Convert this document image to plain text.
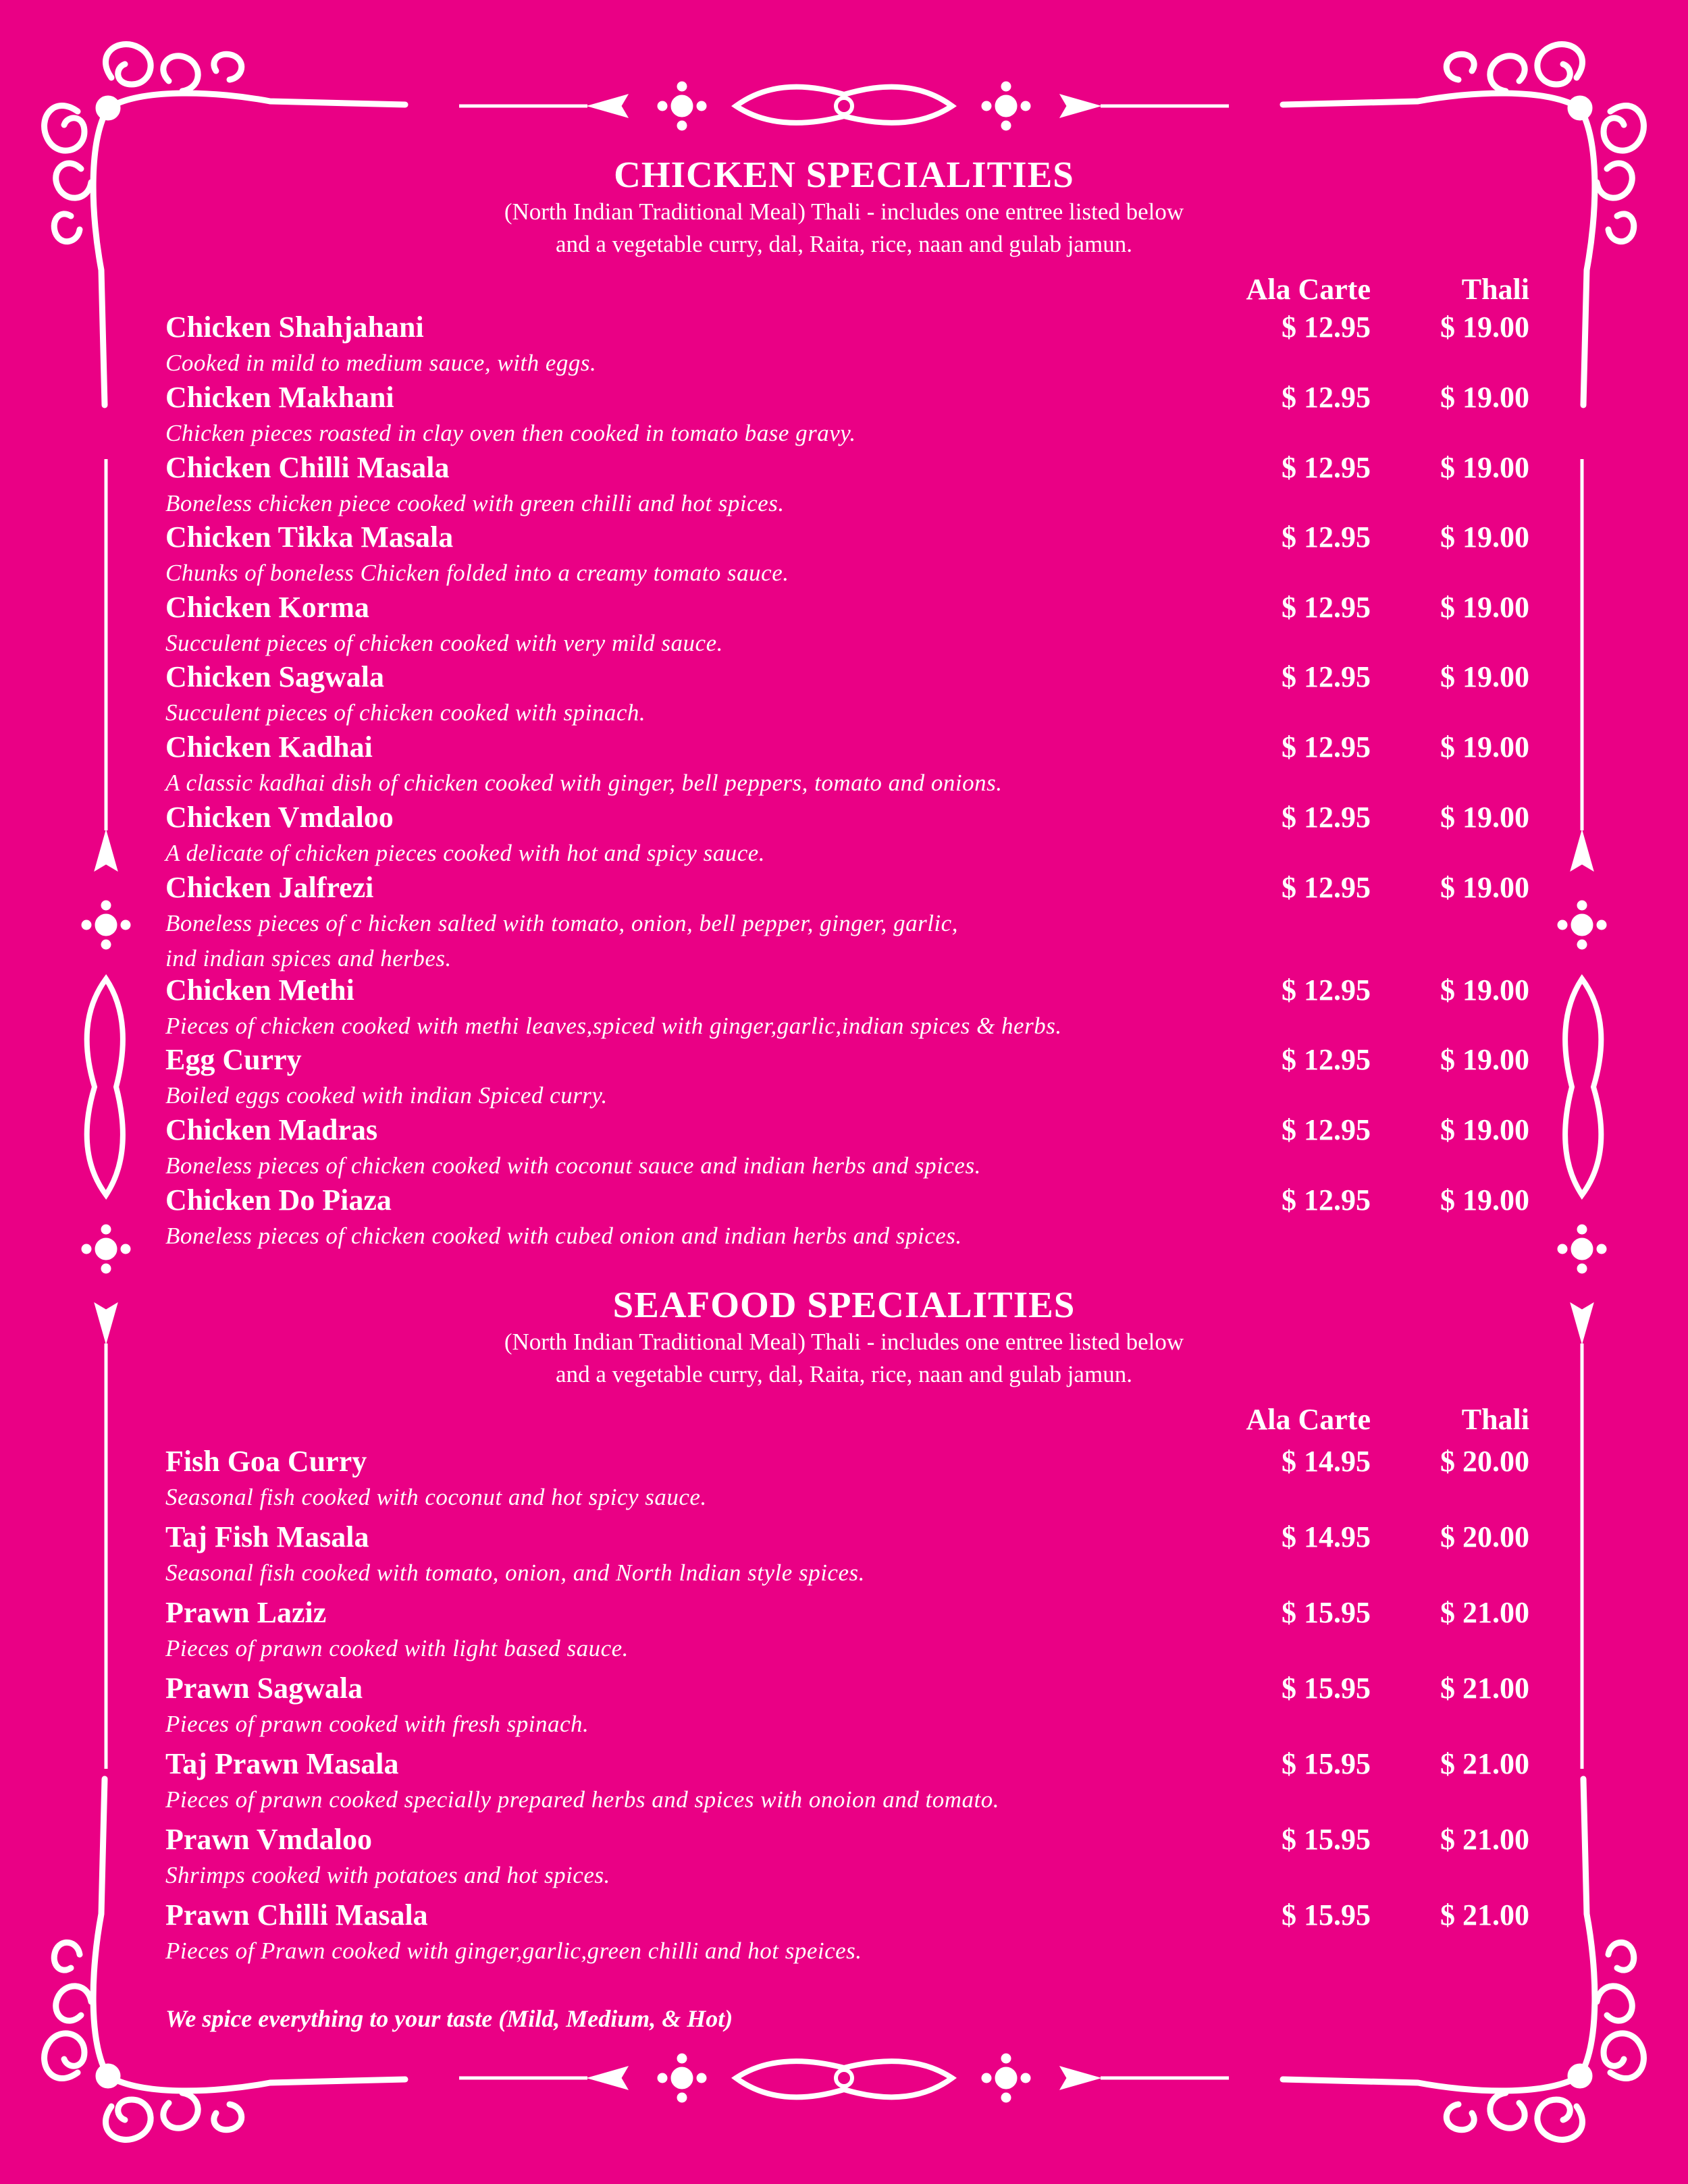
CHICKEN SPECIALITIES
(North Indian Traditional Meal) Thali - includes one entree listed below
and a vegetable curry, dal, Raita, rice, naan and gulab jamun.
Ala Carte	Thali
Chicken Shahjahani
Cooked in mild to medium sauce, with eggs.
$ 12.95 $ 19.00
Chicken Makhani
Chicken pieces roasted in clay oven then cooked in tomato base gravy.
$ 12.95 $ 19.00
Chicken Chilli Masala
Boneless chicken piece cooked with green chilli and hot spices.
$ 12.95 $ 19.00
Chicken Tikka Masala
Chunks of boneless Chicken folded into a creamy tomato sauce.
$ 12.95 $ 19.00
Chicken Korma
Succulent pieces of chicken cooked with very mild sauce.
$ 12.95 $ 19.00
Chicken Sagwala
Succulent pieces of chicken cooked with spinach.
$ 12.95 $ 19.00
Chicken Kadhai
A classic kadhai dish of chicken cooked with ginger, bell peppers, tomato and onions.
$ 12.95 $ 19.00
Chicken Vmdaloo
A delicate of chicken pieces cooked with hot and spicy sauce.
$ 12.95 $ 19.00
Chicken Jalfrezi
Boneless pieces of c hicken salted with tomato, onion, bell pepper, ginger, garlic,
ind indian spices and herbes.
$ 12.95 $ 19.00
Chicken Methi
Pieces of chicken cooked with methi leaves,spiced with ginger,garlic,indian spices & herbs.
$ 12.95 $ 19.00
Egg Curry
Boiled eggs cooked with indian Spiced curry.
$ 12.95 $ 19.00
Chicken Madras
Boneless pieces of chicken cooked with coconut sauce and indian herbs and spices.
$ 12.95 $ 19.00
Chicken Do Piaza
Boneless pieces of chicken cooked with cubed onion and indian herbs and spices.
$ 12.95 $ 19.00
SEAFOOD SPECIALITIES
(North Indian Traditional Meal) Thali - includes one entree listed below
and a vegetable curry, dal, Raita, rice, naan and gulab jamun.
Ala Carte	Thali
Fish Goa Curry
Seasonal fish cooked with coconut and hot spicy sauce.
$ 14.95 $ 20.00
Taj Fish Masala
Seasonal fish cooked with tomato, onion, and North lndian style spices.
$ 14.95 $ 20.00
Prawn Laziz
Pieces of prawn cooked with light based sauce.
$ 15.95 $ 21.00
Prawn Sagwala
Pieces of prawn cooked with fresh spinach.
$ 15.95 $ 21.00
Taj Prawn Masala
Pieces of prawn cooked specially prepared herbs and spices with onoion and tomato.
$ 15.95 $ 21.00
Prawn Vmdaloo
Shrimps cooked with potatoes and hot spices.
$ 15.95 $ 21.00
Prawn Chilli Masala
Pieces of Prawn cooked with ginger,garlic,green chilli and hot speices.
$ 15.95 $ 21.00
We spice everything to your taste (Mild, Medium, & Hot)
